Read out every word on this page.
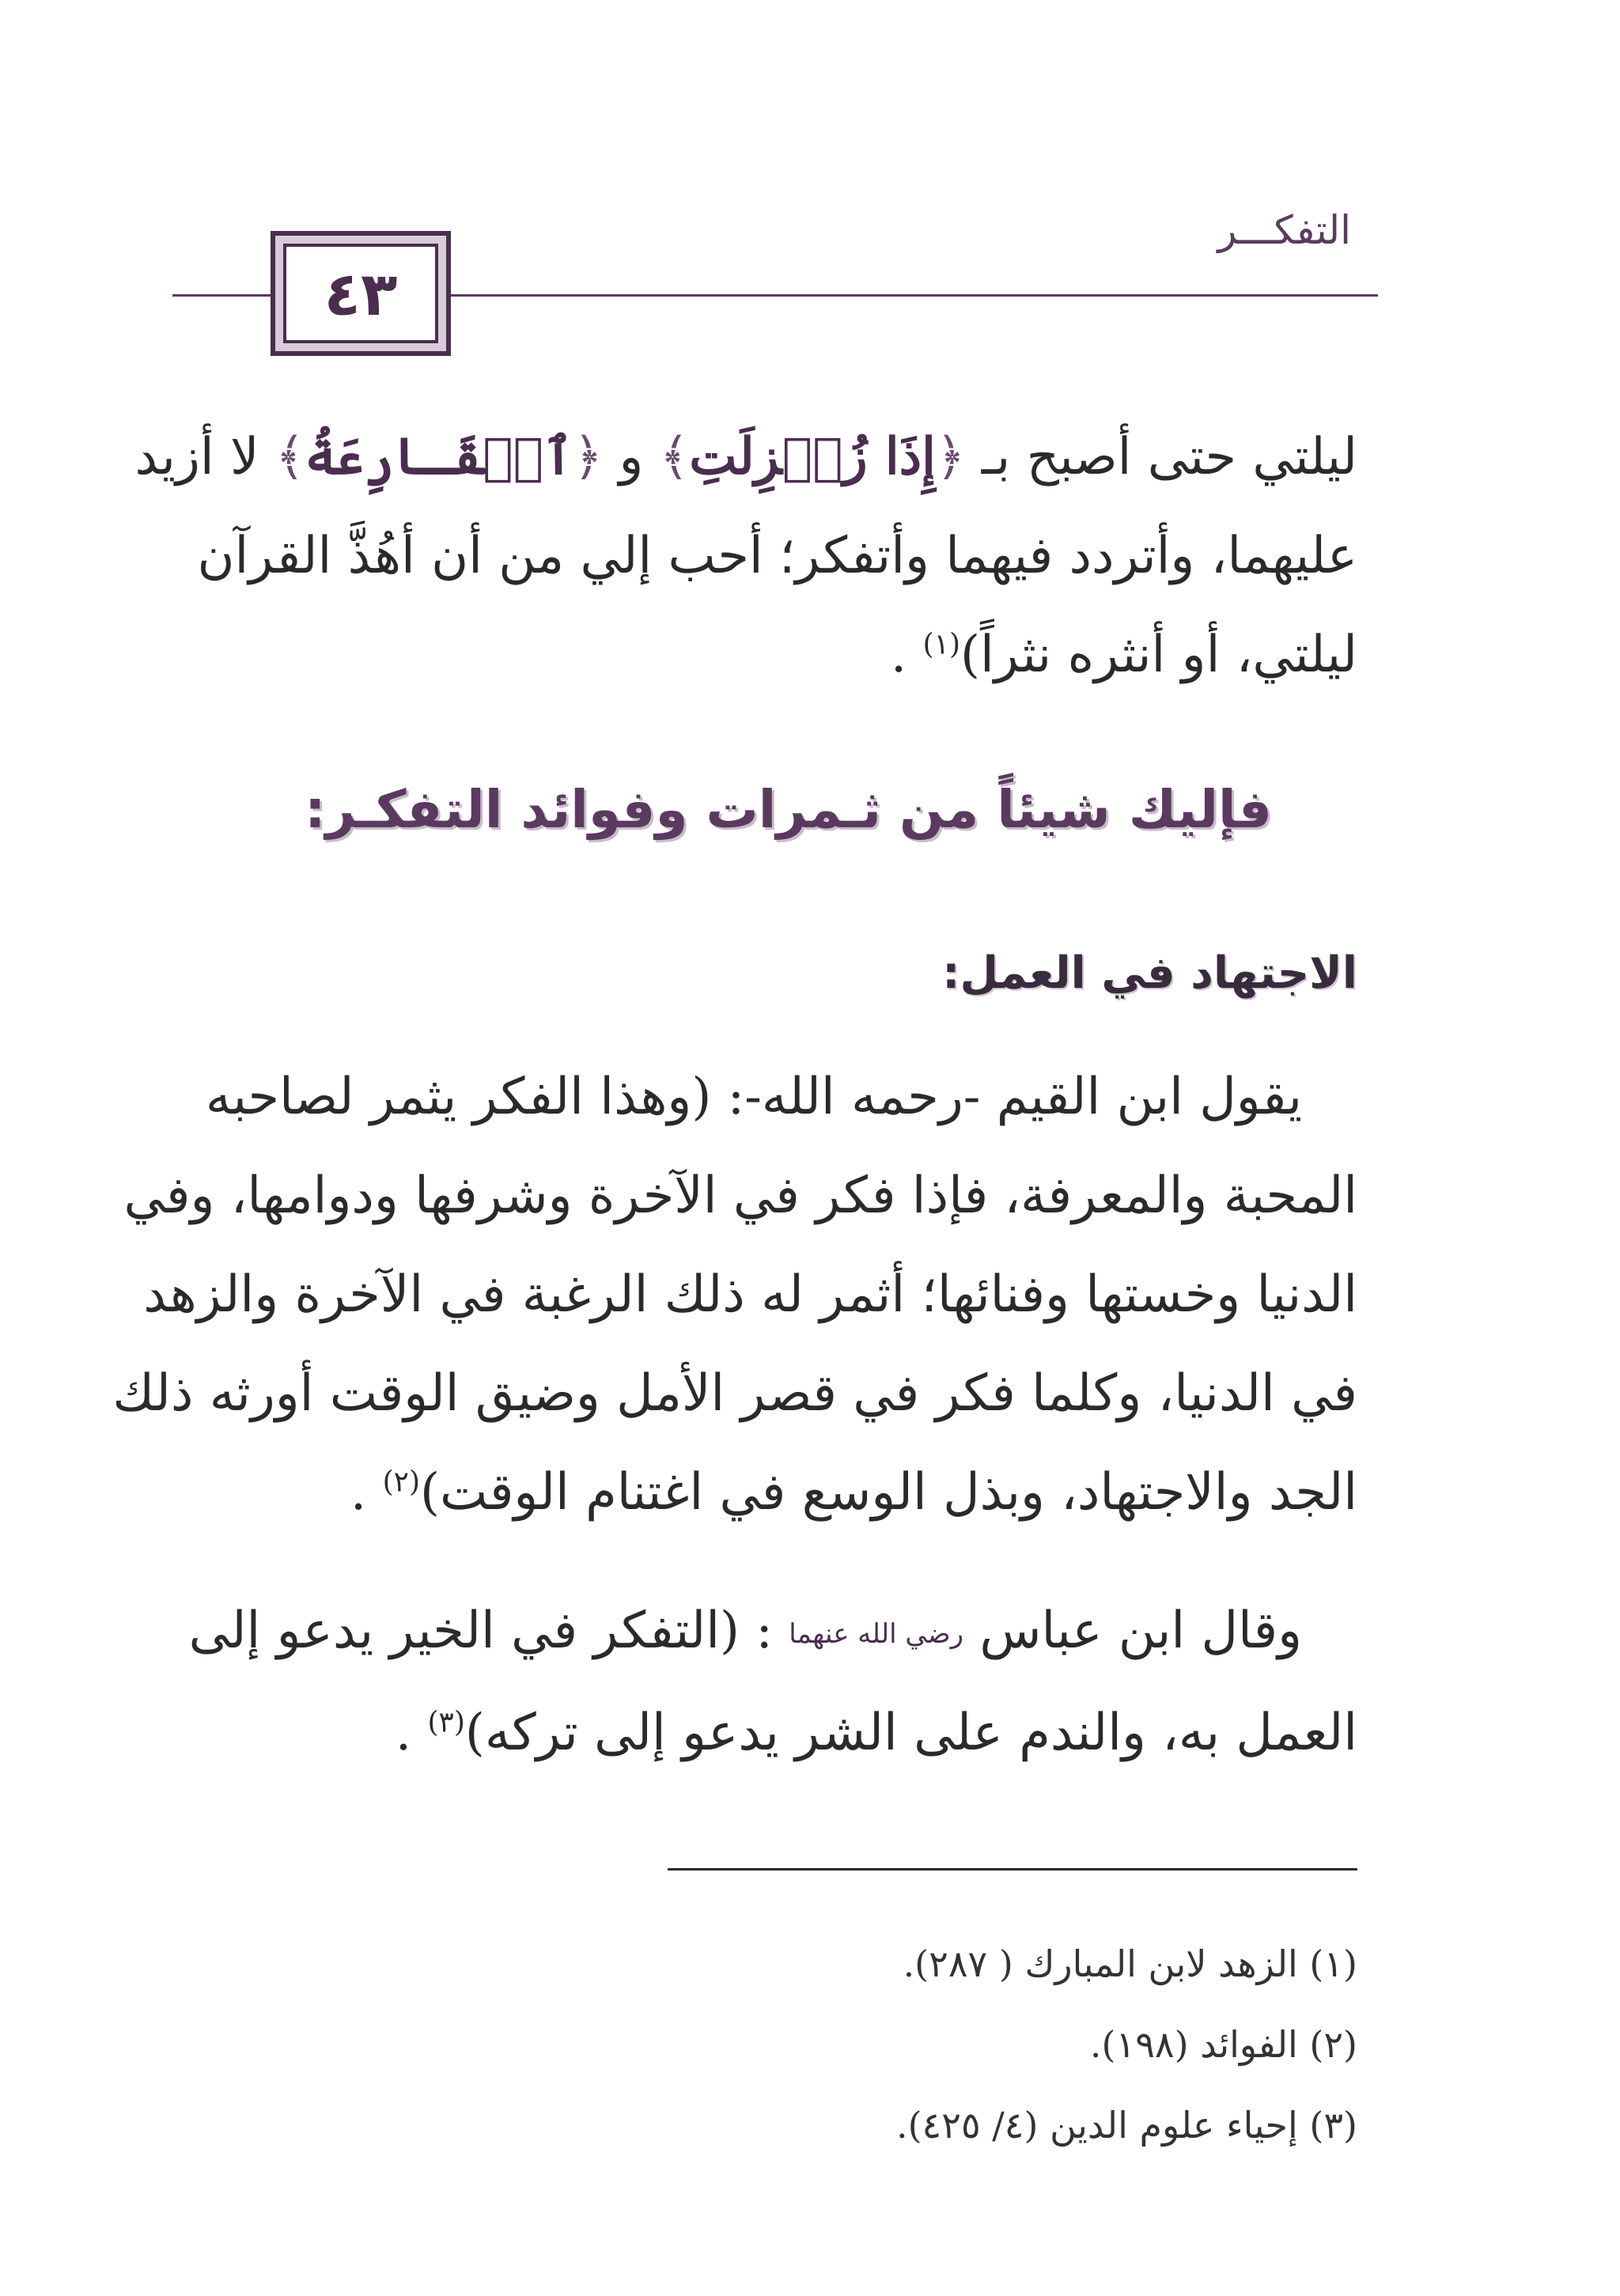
التفكـــر
٤٣
ليلتي حتى أصبح بـ ﴿إِذَا زُلۡزِلَتِ﴾ و ﴿ٱلۡقَـارِعَةُ﴾ لا أزيد
عليهما، وأتردد فيهما وأتفكر؛ أحب إلي من أن أهُذَّ القرآن
ليلتي، أو أنثره نثراً)$^{(١)}$ .
فإليك شيئاً من ثـمرات وفوائد التفكـر:
الاجتهاد في العمل:
يقول ابن القيم -رحمه الله-: (وهذا الفكر يثمر لصاحبه
المحبة والمعرفة، فإذا فكر في الآخرة وشرفها ودوامها، وفي
الدنيا وخستها وفنائها؛ أثمر له ذلك الرغبة في الآخرة والزهد
في الدنيا، وكلما فكر في قصر الأمل وضيق الوقت أورثه ذلك
الجد والاجتهاد، وبذل الوسع في اغتنام الوقت)$^{(٢)}$ .
وقال ابن عباس رضي الله عنهما : (التفكر في الخير يدعو إلى
العمل به، والندم على الشر يدعو إلى تركه)$^{(٣)}$ .
(١) الزهد لابن المبارك ( ٢٨٧).
(٢) الفوائد (١٩٨).
(٣) إحياء علوم الدين (٤/ ٤٢٥).
